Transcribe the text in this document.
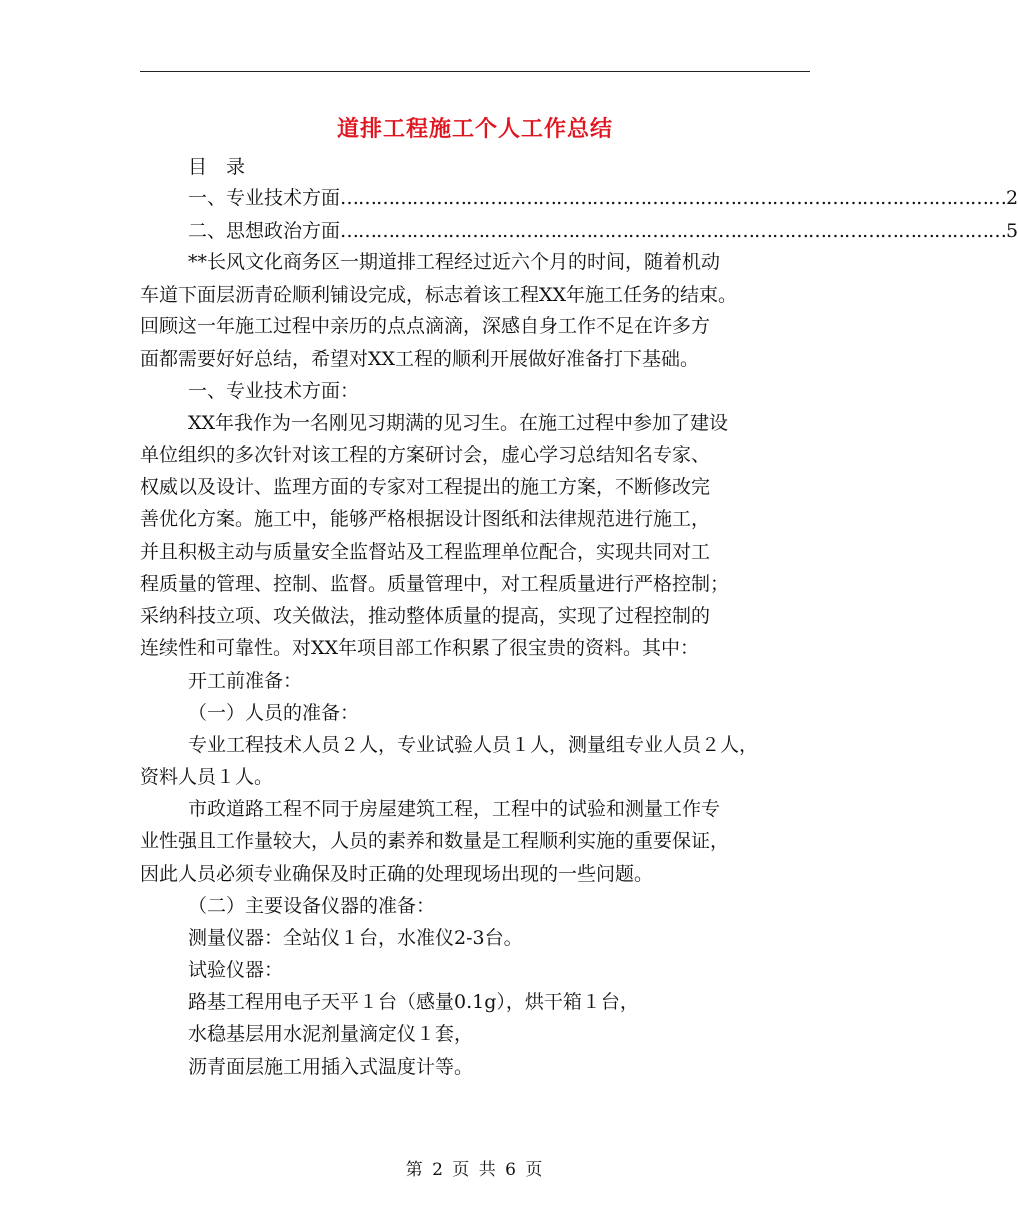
道排工程施工个人工作总结
目　录
一、专业技术方面 ………………………………………………………………………………………………… 2
二、思想政治方面 ………………………………………………………………………………………………… 5
**长风文化商务区一期道排工程经过近六个月的时间，随着机动
车道下面层沥青砼顺利铺设完成，标志着该工程XX年施工任务的结束。
回顾这一年施工过程中亲历的点点滴滴，深感自身工作不足在许多方
面都需要好好总结，希望对XX工程的顺利开展做好准备打下基础。
一、专业技术方面：
XX年我作为一名刚见习期满的见习生。在施工过程中参加了建设
单位组织的多次针对该工程的方案研讨会，虚心学习总结知名专家、
权威以及设计、监理方面的专家对工程提出的施工方案，不断修改完
善优化方案。施工中，能够严格根据设计图纸和法律规范进行施工，
并且积极主动与质量安全监督站及工程监理单位配合，实现共同对工
程质量的管理、控制、监督。质量管理中，对工程质量进行严格控制；
采纳科技立项、攻关做法，推动整体质量的提高，实现了过程控制的
连续性和可靠性。对XX年项目部工作积累了很宝贵的资料。其中：
开工前准备：
（一）人员的准备：
专业工程技术人员２人，专业试验人员１人，测量组专业人员２人，
资料人员１人。
市政道路工程不同于房屋建筑工程，工程中的试验和测量工作专
业性强且工作量较大，人员的素养和数量是工程顺利实施的重要保证，
因此人员必须专业确保及时正确的处理现场出现的一些问题。
（二）主要设备仪器的准备：
测量仪器：全站仪１台，水准仪2-3台。
试验仪器：
路基工程用电子天平１台（感量0.1g），烘干箱１台，
水稳基层用水泥剂量滴定仪１套，
沥青面层施工用插入式温度计等。
第 2 页 共 6 页
